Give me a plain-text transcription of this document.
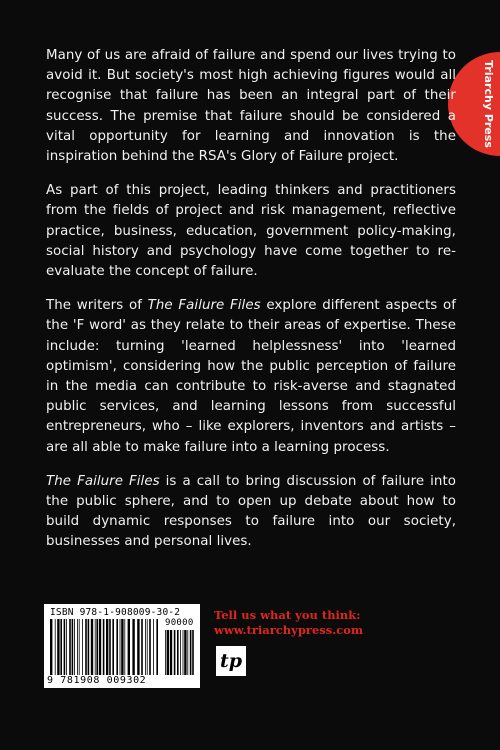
Triarchy Press

Many of us are afraid of failure and spend our lives trying to avoid it. But society's most high achieving figures would all recognise that failure has been an integral part of their success. The premise that failure should be considered a vital opportunity for learning and innovation is the inspiration behind the RSA's Glory of Failure project.

As part of this project, leading thinkers and practitioners from the fields of project and risk management, reflective practice, business, education, government policy-making, social history and psychology have come together to re-evaluate the concept of failure.

The writers of The Failure Files explore different aspects of the 'F word' as they relate to their areas of expertise. These include: turning 'learned helplessness' into 'learned optimism', considering how the public perception of failure in the media can contribute to risk-averse and stagnated public services, and learning lessons from successful entrepreneurs, who – like explorers, inventors and artists – are all able to make failure into a learning process.

The Failure Files is a call to bring discussion of failure into the public sphere, and to open up debate about how to build dynamic responses to failure into our society, businesses and personal lives.

ISBN 978-1-908009-30-2
90000
9 781908 009302
Tell us what you think:
www.triarchypress.com
tp
